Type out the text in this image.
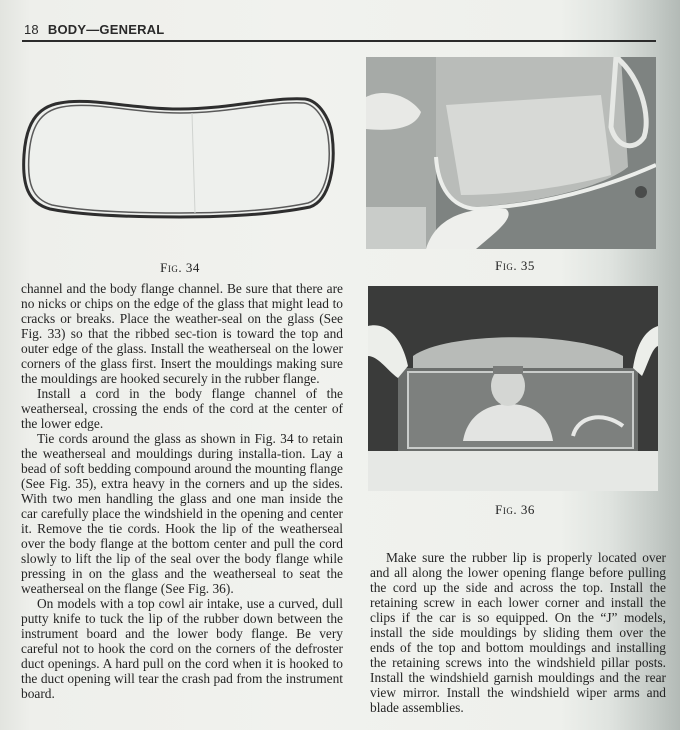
18 BODY—GENERAL
Fig. 34	Fig. 35
Fig. 36

channel and the body flange channel. Be sure that there are no nicks or chips on the edge of the glass that might lead to cracks or breaks. Place the weather-seal on the glass (See Fig. 33) so that the ribbed sec-tion is toward the top and outer edge of the glass. Install the weatherseal on the lower corners of the glass first. Insert the mouldings making sure the mouldings are hooked securely in the rubber flange.

Install a cord in the body flange channel of the weatherseal, crossing the ends of the cord at the center of the lower edge.

Tie cords around the glass as shown in Fig. 34 to retain the weatherseal and mouldings during installa-tion. Lay a bead of soft bedding compound around the mounting flange (See Fig. 35), extra heavy in the corners and up the sides. With two men handling the glass and one man inside the car carefully place the windshield in the opening and center it. Remove the tie cords. Hook the lip of the weatherseal over the body flange at the bottom center and pull the cord slowly to lift the lip of the seal over the body flange while pressing in on the glass and the weatherseal to seat the weatherseal on the flange (See Fig. 36).

On models with a top cowl air intake, use a curved, dull putty knife to tuck the lip of the rubber down between the instrument board and the lower body flange. Be very careful not to hook the cord on the corners of the defroster duct openings. A hard pull on the cord when it is hooked to the duct opening will tear the crash pad from the instrument board.

Make sure the rubber lip is properly located over and all along the lower opening flange before pulling the cord up the side and across the top. Install the retaining screw in each lower corner and install the clips if the car is so equipped. On the “J” models, install the side mouldings by sliding them over the ends of the top and bottom mouldings and installing the retaining screws into the windshield pillar posts. Install the windshield garnish mouldings and the rear view mirror. Install the windshield wiper arms and blade assemblies.
